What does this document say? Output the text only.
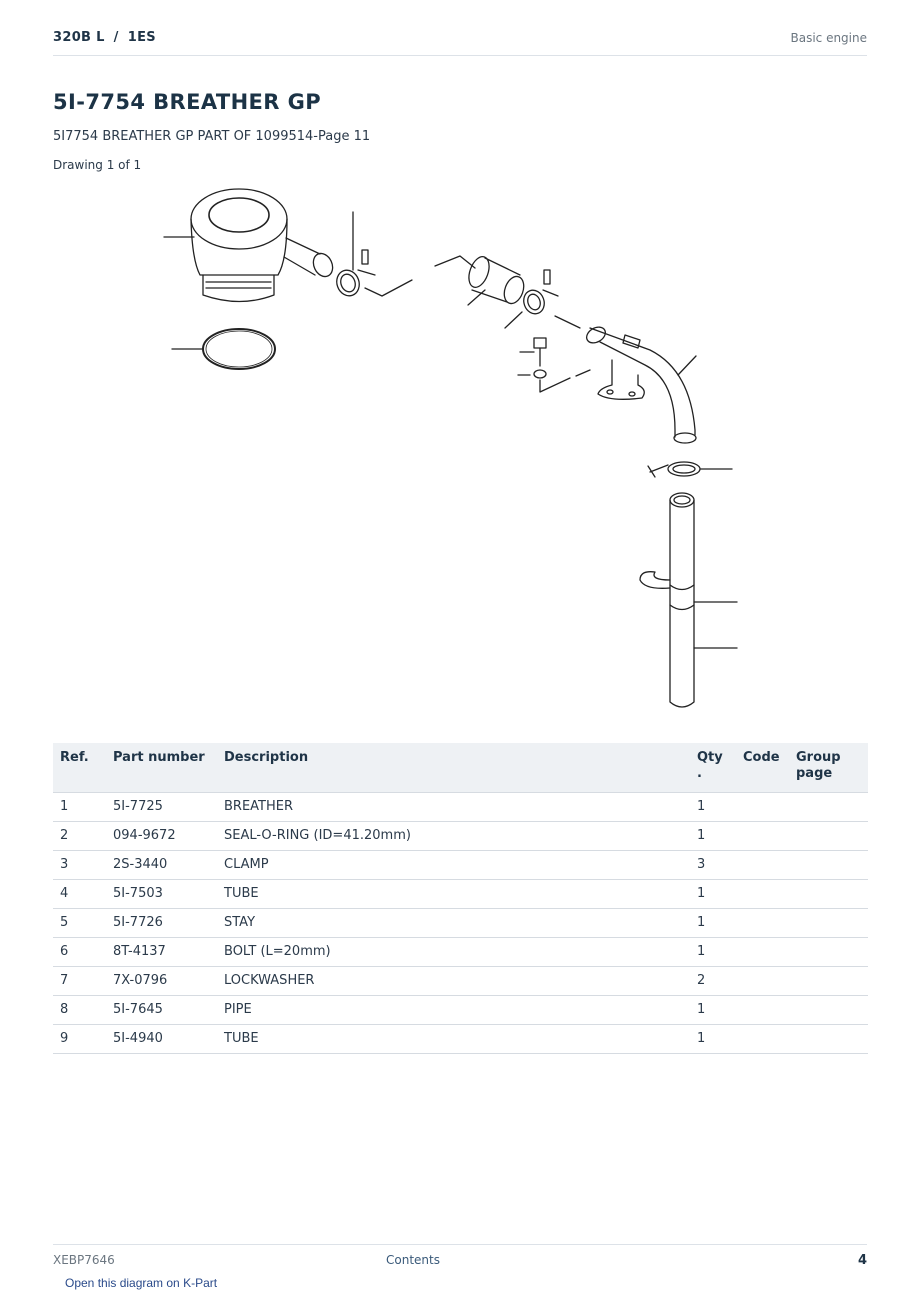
320B L / 1ES	Basic engine
5I-7754 BREATHER GP
5I7754 BREATHER GP PART OF 1099514-Page 11
Drawing 1 of 1
Ref.	Part number	Description	Qty .	Code	Group page
1	5I-7725	BREATHER	1		
2	094-9672	SEAL-O-RING (ID=41.20mm)	1		
3	2S-3440	CLAMP	3		
4	5I-7503	TUBE	1		
5	5I-7726	STAY	1		
6	8T-4137	BOLT (L=20mm)	1		
7	7X-0796	LOCKWASHER	2		
8	5I-7645	PIPE	1		
9	5I-4940	TUBE	1		
XEBP7646	Contents	4
Open this diagram on K-Part
